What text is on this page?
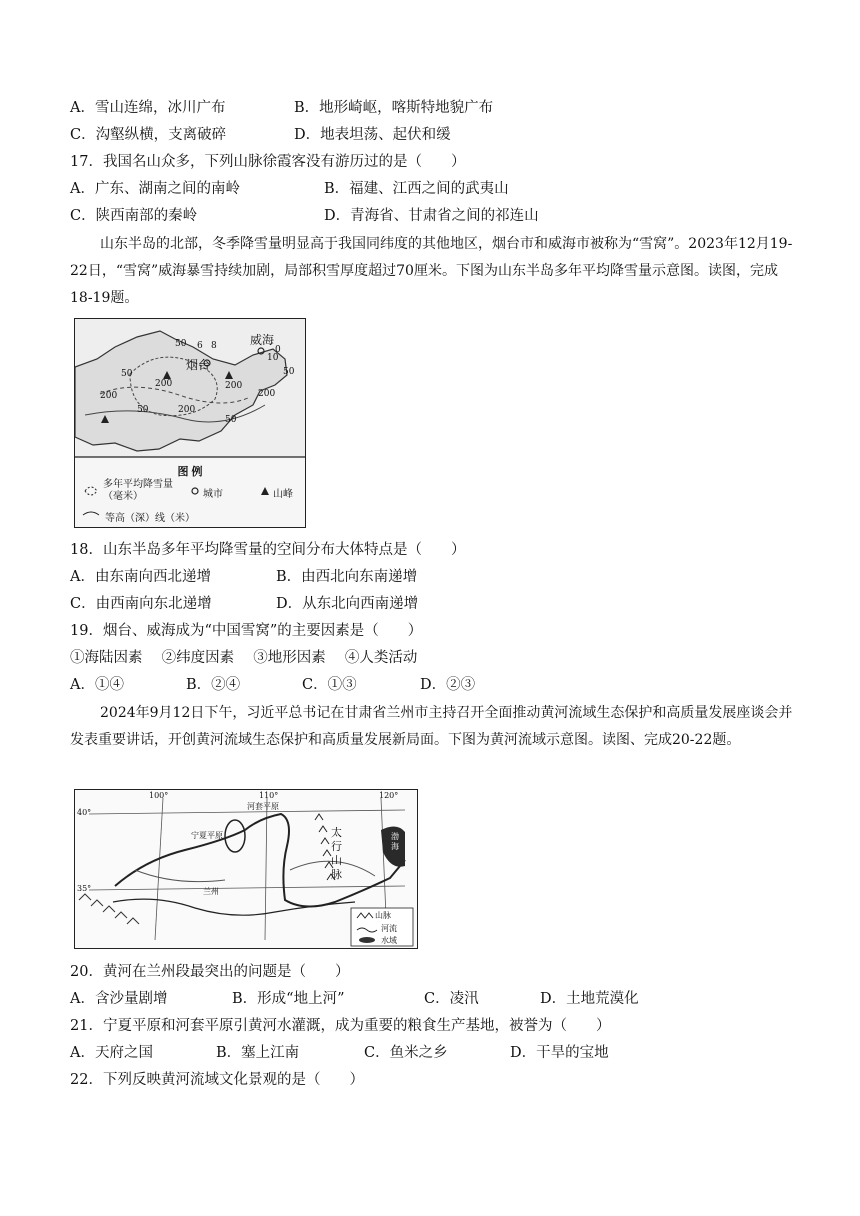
A．雪山连绵，冰川广布	B．地形崎岖，喀斯特地貌广布
C．沟壑纵横，支离破碎	D．地表坦荡、起伏和缓
17．我国名山众多，下列山脉徐霞客没有游历过的是（　　）
A．广东、湖南之间的南岭	B．福建、江西之间的武夷山
C．陕西南部的秦岭	D．青海省、甘肃省之间的祁连山
山东半岛的北部，冬季降雪量明显高于我国同纬度的其他地区，烟台市和威海市被称为“雪窝”。2023年12月19-22日，“雪窝”威海暴雪持续加剧，局部积雪厚度超过70厘米。下图为山东半岛多年平均降雪量示意图。读图，完成18-19题。
烟台
威海
50
200
200
200
200
200
50
50
50
50
10
6 8	0
图 例
多年平均降雪量（毫米）	城市	山峰
等高（深）线（米）
18．山东半岛多年平均降雪量的空间分布大体特点是（　　）
A．由东南向西北递增	B．由西北向东南递增
C．由西南向东北递增	D．从东北向西南递增
19．烟台、威海成为“中国雪窝”的主要因素是（　　）
①海陆因素　 ②纬度因素　 ③地形因素　 ④人类活动
A．①④	B．②④	C．①③	D．②③
2024年9月12日下午，习近平总书记在甘肃省兰州市主持召开全面推动黄河流域生态保护和高质量发展座谈会并发表重要讲话，开创黄河流域生态保护和高质量发展新局面。下图为黄河流域示意图。读图、完成20-22题。
100°	110°	120°
40°
35°
河套平原
宁夏平原	太行山脉
兰州
渤海
山脉
河流
水域
20．黄河在兰州段最突出的问题是（　　）
A．含沙量剧增	B．形成“地上河”	C．凌汛	D．土地荒漠化
21．宁夏平原和河套平原引黄河水灌溉，成为重要的粮食生产基地，被誉为（　　）
A．天府之国	B．塞上江南	C．鱼米之乡	D．干旱的宝地
22．下列反映黄河流域文化景观的是（　　）
